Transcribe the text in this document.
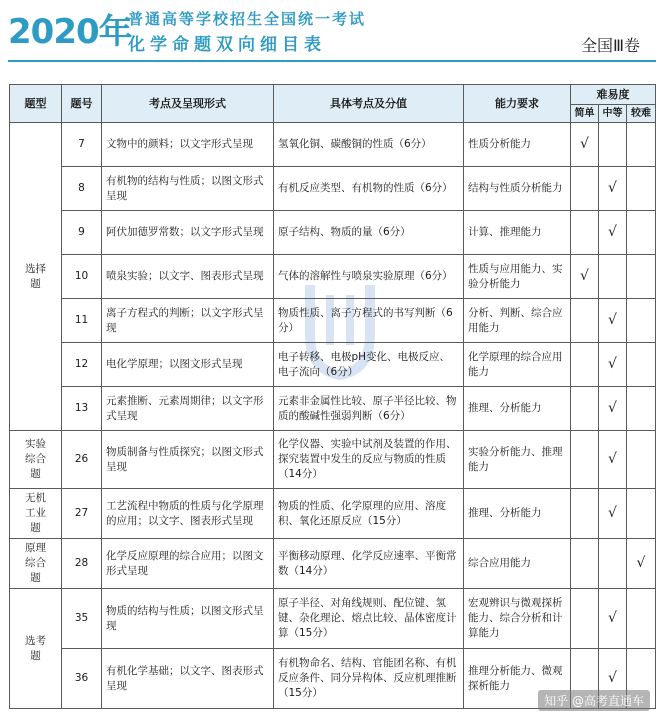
2020年
普通高等学校招生全国统一考试
化学命题双向细目表	全国Ⅲ卷
题型	题号	考点及呈现形式	具体考点及分值	能力要求	难易度		
					简单	中等	较难
选择题	7	文物中的颜料；以文字形式呈现	氢氧化铜、碳酸铜的性质（6分）	性质分析能力	√		
	8	有机物的结构与性质；以图文形式呈现	有机反应类型、有机物的性质（6分）	结构与性质分析能力		√	
	9	阿伏加德罗常数；以文字形式呈现	原子结构、物质的量（6分）	计算、推理能力		√	
	10	喷泉实验；以文字、图表形式呈现	气体的溶解性与喷泉实验原理（6分）	性质与应用能力、实验分析能力	√		
	11	离子方程式的判断；以文字形式呈现	物质性质、离子方程式的书写判断（6分）	分析、判断、综合应用能力		√	
	12	电化学原理；以图文形式呈现	电子转移、电极pH变化、电极反应、电子流向（6分）	化学原理的综合应用能力		√	
	13	元素推断、元素周期律；以文字形式呈现	元素非金属性比较、原子半径比较、物质的酸碱性强弱判断（6分）	推理、分析能力		√	
实验综合题	26	物质制备与性质探究；以图文形式呈现	化学仪器、实验中试剂及装置的作用、探究装置中发生的反应与物质的性质（14分）	实验分析能力、推理能力		√	
无机工业题	27	工艺流程中物质的性质与化学原理的应用；以文字、图表形式呈现	物质的性质、化学原理的应用、溶度积、氧化还原反应（15分）	推理、分析能力		√	
原理综合题	28	化学反应原理的综合应用；以图文形式呈现	平衡移动原理、化学反应速率、平衡常数（14分）	综合应用能力			√
选考题	35	物质的结构与性质；以图文形式呈现	原子半径、对角线规则、配位键、氢键、杂化理论、熔点比较、晶体密度计算（15分）	宏观辨识与微观探析能力、综合分析和计算能力		√	
	36	有机化学基础；以文字、图表形式呈现	有机物命名、结构、官能团名称、有机反应条件、同分异构体、反应机理推断（15分）	推理分析能力、微观探析能力		√	
知乎 @高考直通车
